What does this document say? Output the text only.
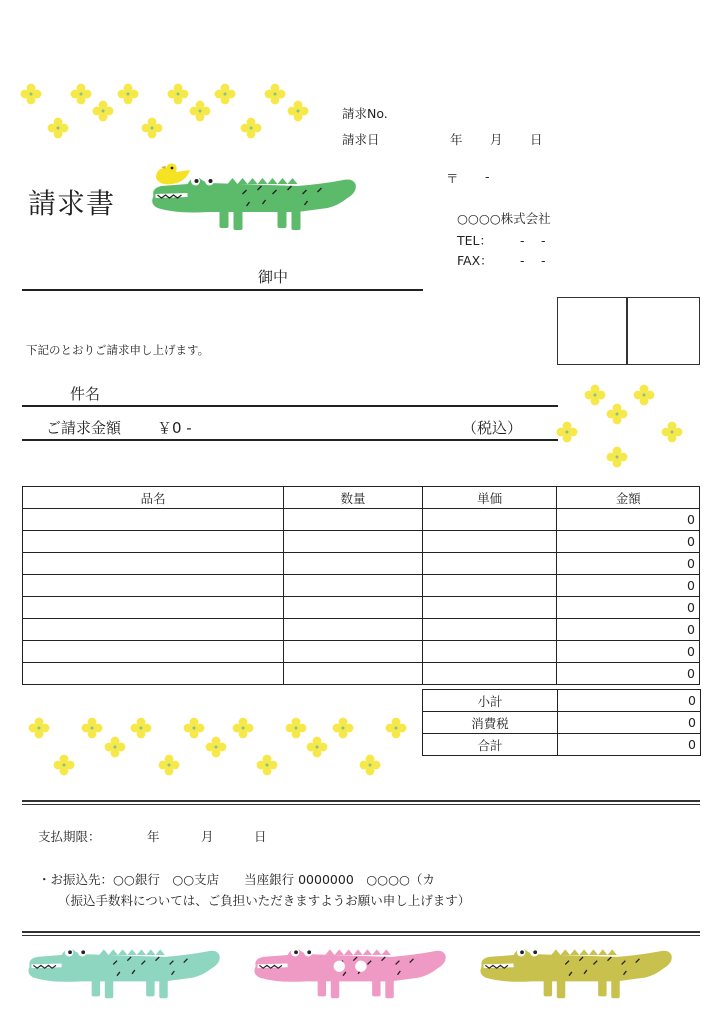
請求書
請求No.
請求日	年 月 日
〒 -
○○○○株式会社
TEL： -　 -
FAX： -　 -
御中
下記のとおりご請求申し上げます。
件名
ご請求金額 ￥0 -	（税込）
品名	数量	単価	金額
			0
			0
			0
			0
			0
			0
			0
			0
小計	0
消費税	0
合計	0
支払期限：	年	月	日
・お振込先：○○銀行　○○支店　　当座銀行 0000000　○○○○（カ
（振込手数料については、ご負担いただきますようお願い申し上げます）
